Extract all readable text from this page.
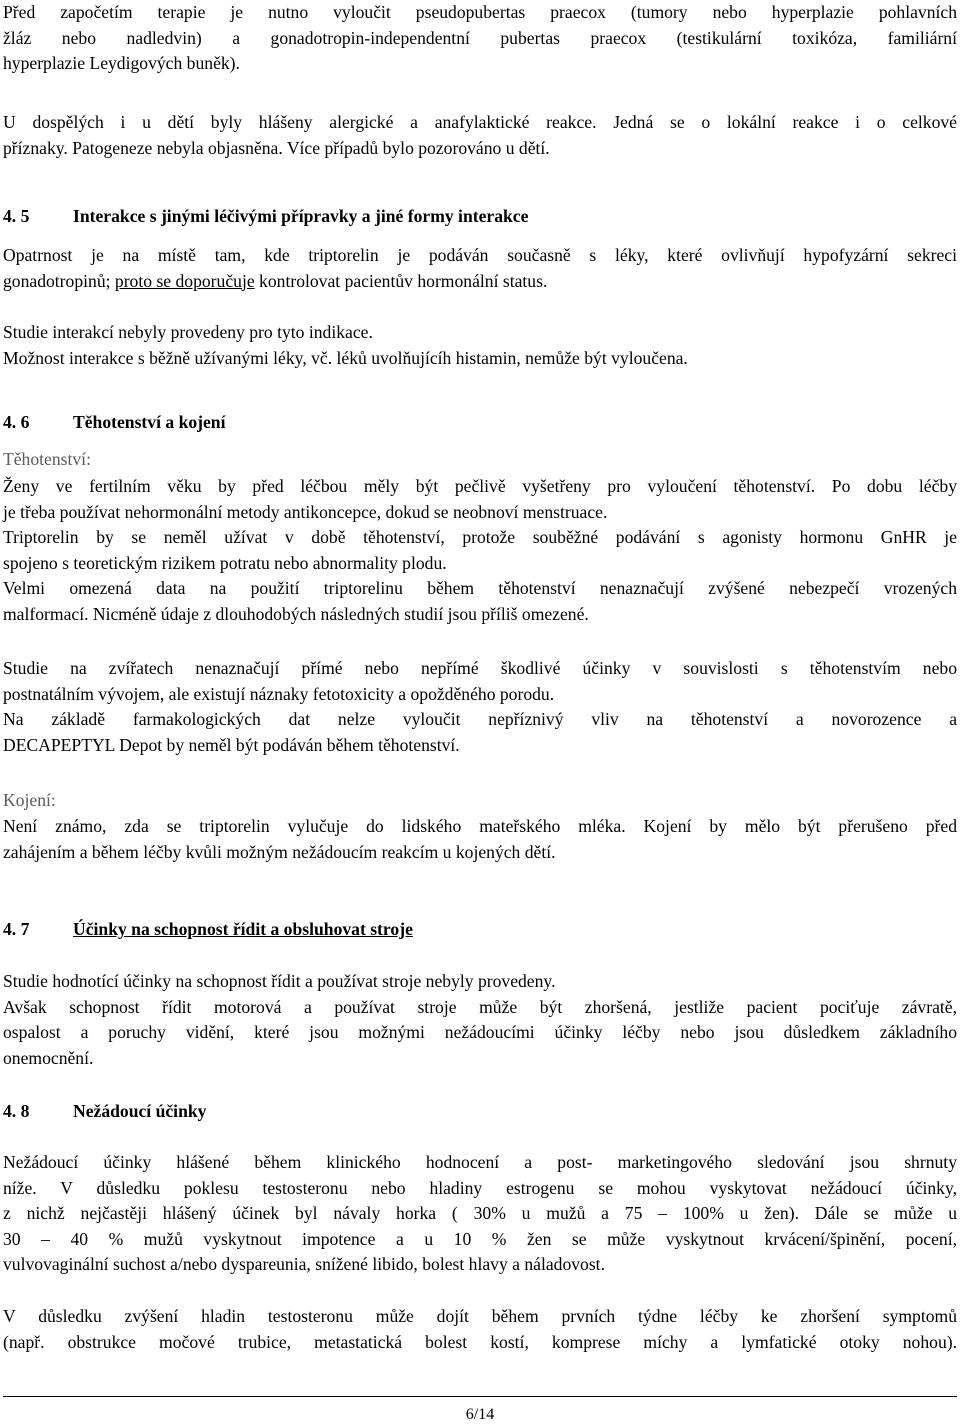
Před započetím terapie je nutno vyloučit pseudopubertas praecox (tumory nebo hyperplazie pohlavních
žláz nebo nadledvin) a gonadotropin-independentní pubertas praecox (testikulární toxikóza, familiární
hyperplazie Leydigových buněk).
U dospělých i u dětí byly hlášeny alergické a anafylaktické reakce. Jedná se o lokální reakce i o celkové
příznaky. Patogeneze nebyla objasněna. Více případů bylo pozorováno u dětí.
4. 5 Interakce s jinými léčivými přípravky a jiné formy interakce
Opatrnost je na místě tam, kde triptorelin je podáván současně s léky, které ovlivňují hypofyzární sekreci
gonadotropinů; proto se doporučuje kontrolovat pacientův hormonální status.
Studie interakcí nebyly provedeny pro tyto indikace.
Možnost interakce s běžně užívanými léky, vč. léků uvolňujícíh histamin, nemůže být vyloučena.
4. 6 Těhotenství a kojení
Těhotenství:
Ženy ve fertilním věku by před léčbou měly být pečlivě vyšetřeny pro vyloučení těhotenství. Po dobu léčby
je třeba používat nehormonální metody antikoncepce, dokud se neobnoví menstruace.
Triptorelin by se neměl užívat v době těhotenství, protože souběžné podávání s agonisty hormonu GnHR je
spojeno s teoretickým rizikem potratu nebo abnormality plodu.
Velmi omezená data na použití triptorelinu během těhotenství nenaznačují zvýšené nebezpečí vrozených
malformací. Nicméně údaje z dlouhodobých následných studií jsou příliš omezené.
Studie na zvířatech nenaznačují přímé nebo nepřímé škodlivé účinky v souvislosti s těhotenstvím nebo
postnatálním vývojem, ale existují náznaky fetotoxicity a opožděného porodu.
Na základě farmakologických dat nelze vyloučit nepříznivý vliv na těhotenství a novorozence a
DECAPEPTYL Depot by neměl být podáván během těhotenství.
Kojení:
Není známo, zda se triptorelin vylučuje do lidského mateřského mléka. Kojení by mělo být přerušeno před
zahájením a během léčby kvůli možným nežádoucím reakcím u kojených dětí.
4. 7 Účinky na schopnost řídit a obsluhovat stroje
Studie hodnotící účinky na schopnost řídit a používat stroje nebyly provedeny.
Avšak schopnost řídit motorová a používat stroje může být zhoršená, jestliže pacient pociťuje závratě,
ospalost a poruchy vidění, které jsou možnými nežádoucími účinky léčby nebo jsou důsledkem základního
onemocnění.
4. 8 Nežádoucí účinky
Nežádoucí účinky hlášené během klinického hodnocení a post- marketingového sledování jsou shrnuty
níže. V důsledku poklesu testosteronu nebo hladiny estrogenu se mohou vyskytovat nežádoucí účinky,
z nichž nejčastěji hlášený účinek byl návaly horka ( 30% u mužů a 75 – 100% u žen). Dále se může u
30 – 40 % mužů vyskytnout impotence a u 10 % žen se může vyskytnout krvácení/špinění, pocení,
vulvovaginální suchost a/nebo dyspareunia, snížené libido, bolest hlavy a náladovost.
V důsledku zvýšení hladin testosteronu může dojít během prvních týdne léčby ke zhoršení symptomů
(např. obstrukce močové trubice, metastatická bolest kostí, komprese míchy a lymfatické otoky nohou).
6/14
